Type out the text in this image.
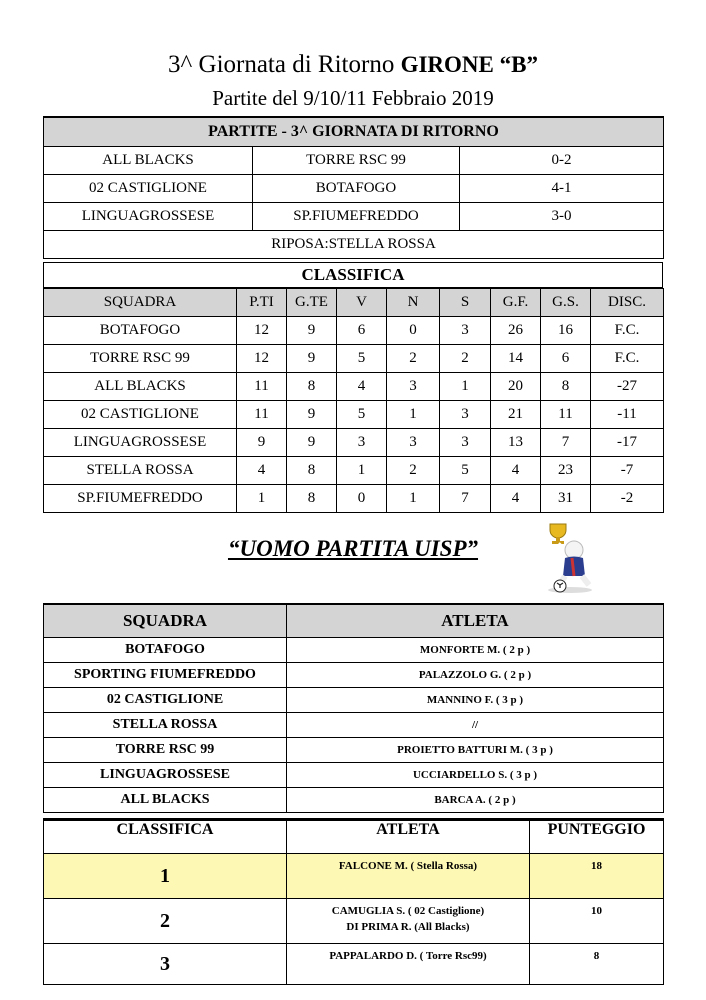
3^ Giornata di Ritorno GIRONE “B”
Partite del 9/10/11 Febbraio 2019
PARTITE - 3^ GIORNATA DI RITORNO		
ALL BLACKS	TORRE RSC 99	0-2
02 CASTIGLIONE	BOTAFOGO	4-1
LINGUAGROSSESE	SP.FIUMEFREDDO	3-0
RIPOSA:STELLA ROSSA		
CLASSIFICA
SQUADRA	P.TI	G.TE	V	N	S	G.F.	G.S.	DISC.
BOTAFOGO	12	9	6	0	3	26	16	F.C.
TORRE RSC 99	12	9	5	2	2	14	6	F.C.
ALL BLACKS	11	8	4	3	1	20	8	-27
02 CASTIGLIONE	11	9	5	1	3	21	11	-11
LINGUAGROSSESE	9	9	3	3	3	13	7	-17
STELLA ROSSA	4	8	1	2	5	4	23	-7
SP.FIUMEFREDDO	1	8	0	1	7	4	31	-2
“UOMO PARTITA UISP”
SQUADRA	ATLETA
BOTAFOGO	MONFORTE M. ( 2 p )
SPORTING FIUMEFREDDO	PALAZZOLO G. ( 2 p )
02 CASTIGLIONE	MANNINO F. ( 3 p )
STELLA ROSSA	//
TORRE RSC 99	PROIETTO BATTURI M. ( 3 p )
LINGUAGROSSESE	UCCIARDELLO S. ( 3 p )
ALL BLACKS	BARCA A. ( 2 p )
CLASSIFICA	ATLETA	PUNTEGGIO
1	FALCONE M. ( Stella Rossa)	18
2	CAMUGLIA S. ( 02 Castiglione)
DI PRIMA R. (All Blacks)	10
3	PAPPALARDO D. ( Torre Rsc99)	8
